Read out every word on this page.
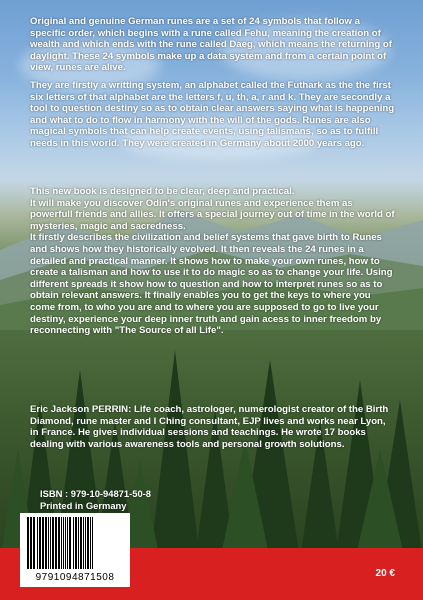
Original and genuine German runes are a set of 24 symbols that follow a specific order, which begins with a rune called Fehu, meaning the creation of wealth and which ends with the rune called Daeg, which means the returning of daylight. These 24 symbols make up a data system and from a certain point of view, runes are alive.

They are firstly a writting system, an alphabet called the Futhark as the the first six letters of that alphabet are the letters f, u, th, a, r and k. They are secondly a tool to question destiny so as to obtain clear answers saying what is happening and what to do to flow in harmony with the will of the gods. Runes are also magical symbols that can help create events, using talismans, so as to fulfill needs in this world. They were created in Germany about 2000 years ago.

This new book is designed to be clear, deep and practical.

It will make you discover Odin's original runes and experience them as powerfull friends and allies. It offers a special journey out of time in the world of mysteries, magic and sacredness.

It firstly describes the civilization and belief systems that gave birth to Runes and shows how they historically evolved. It then reveals the 24 runes in a detailed and practical manner. It shows how to make your own runes, how to create a talisman and how to use it to do magic so as to change your life. Using different spreads it show how to question and how to interpret runes so as to obtain relevant answers. It finally enables you to get the keys to where you come from, to who you are and to where you are supposed to go to live your destiny, experience your deep inner truth and gain acess to inner freedom by reconnecting with "The Source of all Life".

Eric Jackson PERRIN: Life coach, astrologer, numerologist creator of the Birth Diamond, rune master and I Ching consultant, EJP lives and works near Lyon, in France. He gives individual sessions and teachings. He wrote 17 books dealing with various awareness tools and personal growth solutions.

ISBN : 979-10-94871-50-8
Printed in Germany
9791094871508	20 €
